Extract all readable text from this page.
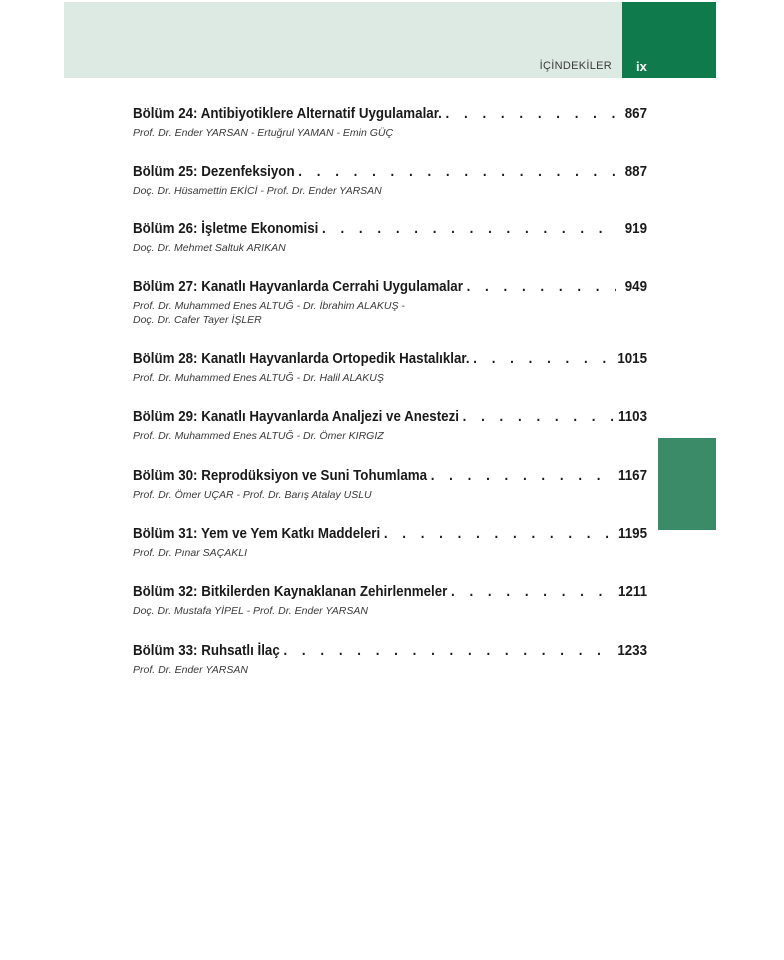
İÇİNDEKİLER ix
Bölüm 24: Antibiyotiklere Alternatif Uygulamalar. . . .	867
Prof. Dr. Ender YARSAN - Ertuğrul YAMAN - Emin GÜÇ
Bölüm 25: Dezenfeksiyon . . .	887
Doç. Dr. Hüsamettin EKİCİ - Prof. Dr. Ender YARSAN
Bölüm 26: İşletme Ekonomisi . . .	919
Doç. Dr. Mehmet Saltuk ARIKAN
Bölüm 27: Kanatlı Hayvanlarda Cerrahi Uygulamalar . . .	949
Prof. Dr. Muhammed Enes ALTUĞ - Dr. İbrahim ALAKUŞ -
Doç. Dr. Cafer Tayer İŞLER
Bölüm 28: Kanatlı Hayvanlarda Ortopedik Hastalıklar. . . .	1015
Prof. Dr. Muhammed Enes ALTUĞ - Dr. Halil ALAKUŞ
Bölüm 29: Kanatlı Hayvanlarda Analjezi ve Anestezi . . .	1103
Prof. Dr. Muhammed Enes ALTUĞ - Dr. Ömer KIRGIZ
Bölüm 30: Reprodüksiyon ve Suni Tohumlama . . .	1167
Prof. Dr. Ömer UÇAR - Prof. Dr. Barış Atalay USLU
Bölüm 31: Yem ve Yem Katkı Maddeleri . . .	1195
Prof. Dr. Pınar SAÇAKLI
Bölüm 32: Bitkilerden Kaynaklanan Zehirlenmeler . . .	1211
Doç. Dr. Mustafa YİPEL - Prof. Dr. Ender YARSAN
Bölüm 33: Ruhsatlı İlaç . . .	1233
Prof. Dr. Ender YARSAN
